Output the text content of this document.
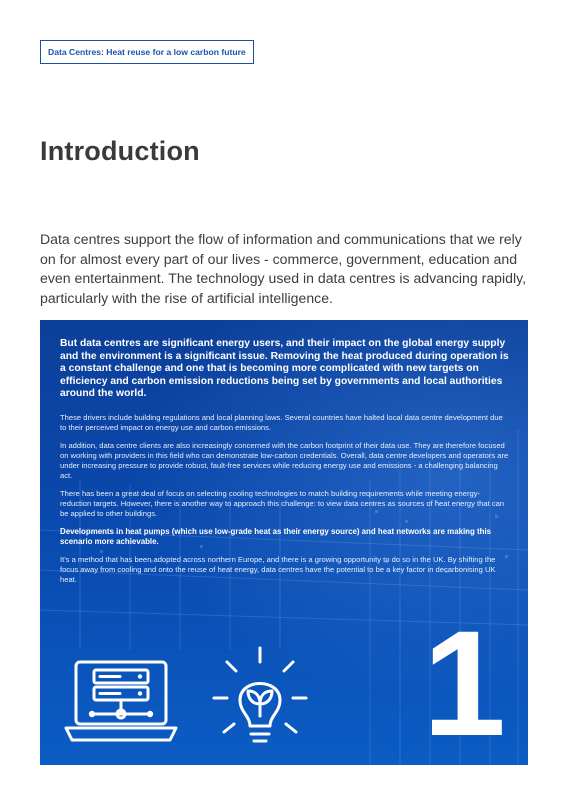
Data Centres: Heat reuse for a low carbon future
Introduction

Data centres support the flow of information and communications that we rely on for almost every part of our lives - commerce, government, education and even entertainment. The technology used in data centres is advancing rapidly, particularly with the rise of artificial intelligence.

But data centres are significant energy users, and their impact on the global energy supply and the environment is a significant issue. Removing the heat produced during operation is a constant challenge and one that is becoming more complicated with new targets on efficiency and carbon emission reductions being set by governments and local authorities around the world.

These drivers include building regulations and local planning laws. Several countries have halted local data centre development due to their perceived impact on energy use and carbon emissions.

In addition, data centre clients are also increasingly concerned with the carbon footprint of their data use. They are therefore focused on working with providers in this field who can demonstrate low-carbon credentials. Overall, data centre developers and operators are under increasing pressure to provide robust, fault-free services while reducing energy use and emissions - a challenging balancing act.

There has been a great deal of focus on selecting cooling technologies to match building requirements while meeting energy-reduction targets. However, there is another way to approach this challenge: to view data centres as sources of heat energy that can be applied to other buildings.

Developments in heat pumps (which use low-grade heat as their energy source) and heat networks are making this scenario more achievable.

It's a method that has been adopted across northern Europe, and there is a growing opportunity to do so in the UK. By shifting the focus away from cooling and onto the reuse of heat energy, data centres have the potential to be a key factor in decarbonising UK heat.

1
